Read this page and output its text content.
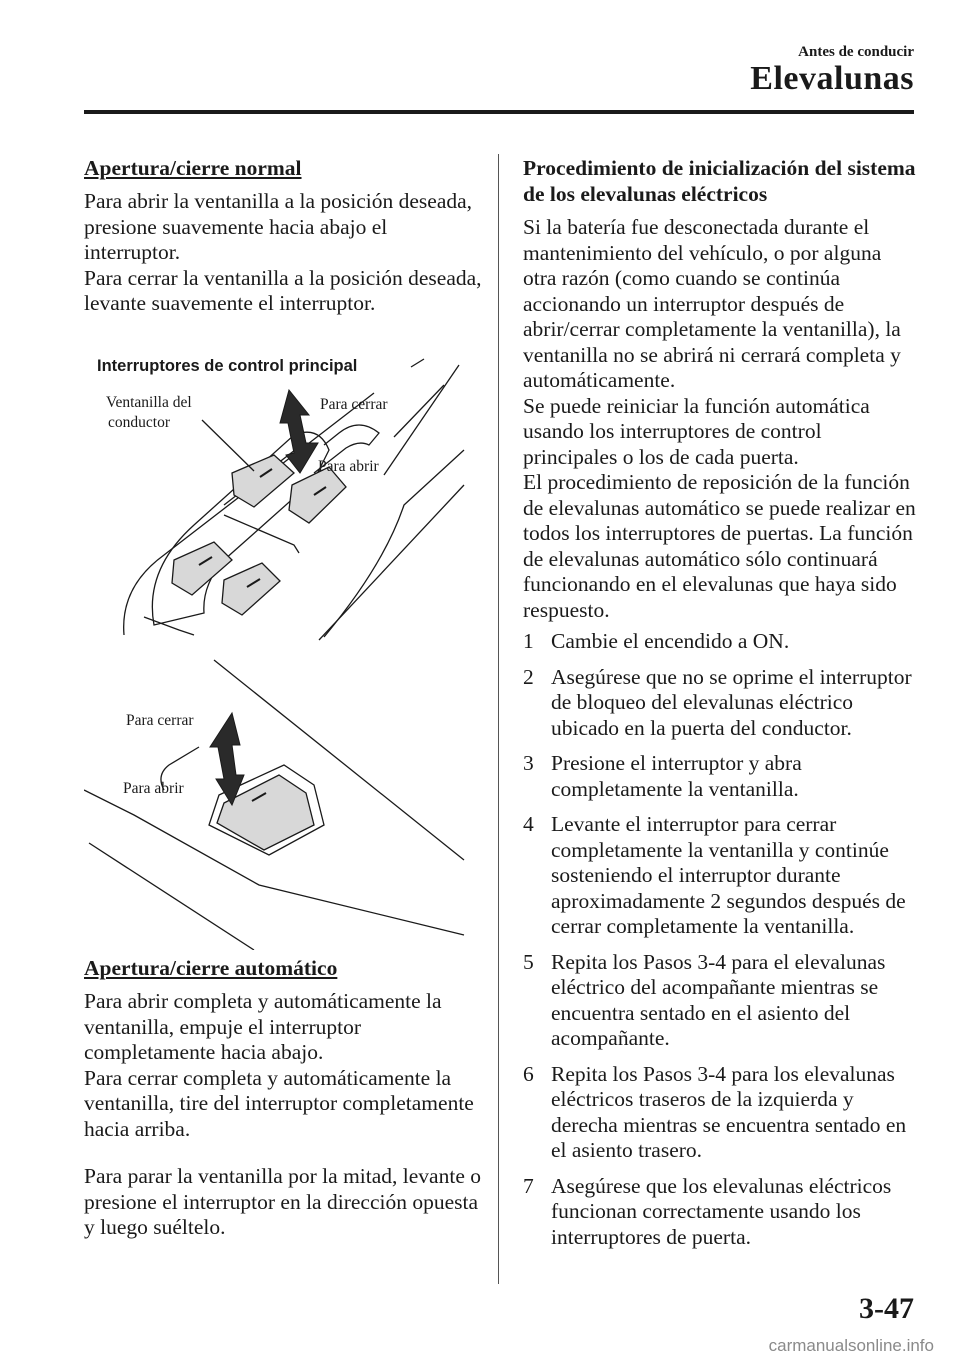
Antes de conducir
Elevalunas
Apertura/cierre normal

Para abrir la ventanilla a la posición deseada, presione suavemente hacia abajo el interruptor.

Para cerrar la ventanilla a la posición deseada, levante suavemente el interruptor.

Interruptores de control principal
Ventanilla del
conductor
Para cerrar
Para abrir
Para cerrar
Para abrir
Apertura/cierre automático

Para abrir completa y automáticamente la ventanilla, empuje el interruptor completamente hacia abajo.

Para cerrar completa y automáticamente la ventanilla, tire del interruptor completamente hacia arriba.

Para parar la ventanilla por la mitad, levante o presione el interruptor en la dirección opuesta y luego suéltelo.

Procedimiento de inicialización del sistema de los elevalunas eléctricos

Si la batería fue desconectada durante el mantenimiento del vehículo, o por alguna otra razón (como cuando se continúa accionando un interruptor después de abrir/cerrar completamente la ventanilla), la ventanilla no se abrirá ni cerrará completa y automáticamente.

Se puede reiniciar la función automática usando los interruptores de control principales o los de cada puerta.

El procedimiento de reposición de la función de elevalunas automático se puede realizar en todos los interruptores de puertas. La función de elevalunas automático sólo continuará funcionando en el elevalunas que haya sido respuesto.

1 Cambie el encendido a ON.
2 Asegúrese que no se oprime el interruptor de bloqueo del elevalunas eléctrico ubicado en la puerta del conductor.
3 Presione el interruptor y abra completamente la ventanilla.
4 Levante el interruptor para cerrar completamente la ventanilla y continúe sosteniendo el interruptor durante aproximadamente 2 segundos después de cerrar completamente la ventanilla.
5 Repita los Pasos 3-4 para el elevalunas eléctrico del acompañante mientras se encuentra sentado en el asiento del acompañante.
6 Repita los Pasos 3-4 para los elevalunas eléctricos traseros de la izquierda y derecha mientras se encuentra sentado en el asiento trasero.
7 Asegúrese que los elevalunas eléctricos funcionan correctamente usando los interruptores de puerta.
3-47
carmanualsonline.info
